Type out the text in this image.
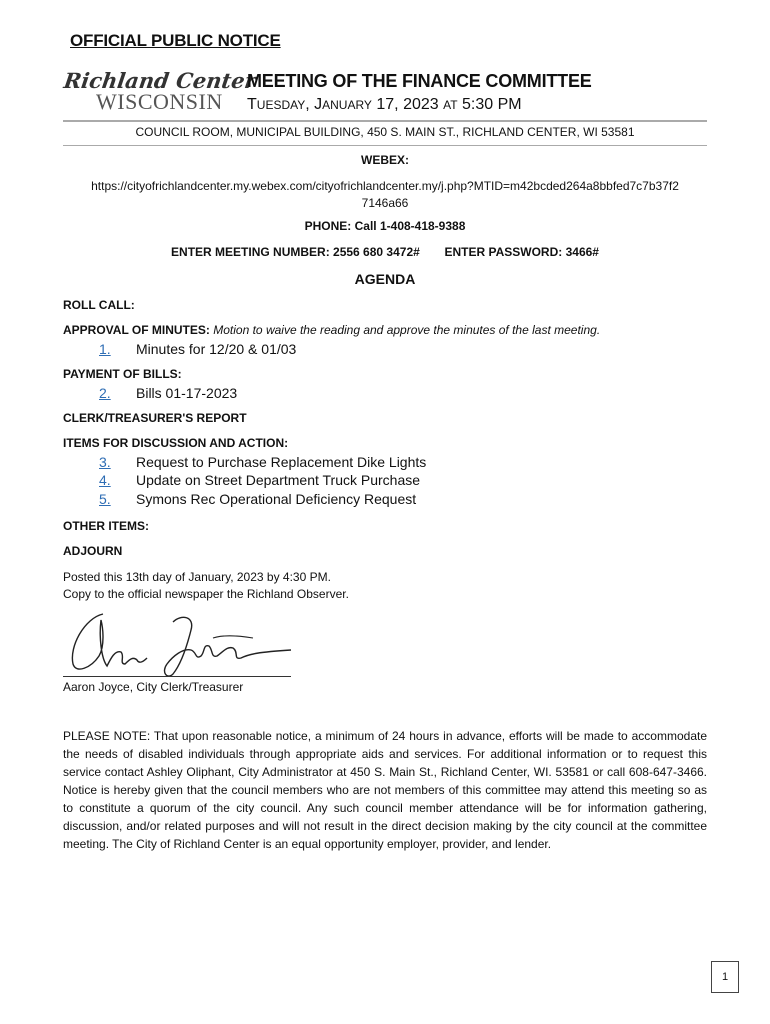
OFFICIAL PUBLIC NOTICE
Richland Center
WISCONSIN
MEETING OF THE FINANCE COMMITTEE
TUESDAY, JANUARY 17, 2023 AT 5:30 PM
COUNCIL ROOM, MUNICIPAL BUILDING, 450 S. MAIN ST., RICHLAND CENTER, WI 53581
WEBEX:
https://cityofrichlandcenter.my.webex.com/cityofrichlandcenter.my/j.php?MTID=m42bcded264a8bbfed7c7b37f2
7146a66
PHONE: Call 1-408-418-9388
ENTER MEETING NUMBER: 2556 680 3472# ENTER PASSWORD: 3466#
AGENDA
ROLL CALL:
APPROVAL OF MINUTES: Motion to waive the reading and approve the minutes of the last meeting.
1. Minutes for 12/20 & 01/03
PAYMENT OF BILLS:
2. Bills 01-17-2023
CLERK/TREASURER'S REPORT
ITEMS FOR DISCUSSION AND ACTION:
3. Request to Purchase Replacement Dike Lights
4. Update on Street Department Truck Purchase
5. Symons Rec Operational Deficiency Request
OTHER ITEMS:
ADJOURN
Posted this 13th day of January, 2023 by 4:30 PM.
Copy to the official newspaper the Richland Observer.
Aaron Joyce, City Clerk/Treasurer
PLEASE NOTE: That upon reasonable notice, a minimum of 24 hours in advance, efforts will be made to accommodate the needs of disabled individuals through appropriate aids and services. For additional information or to request this service contact Ashley Oliphant, City Administrator at 450 S. Main St., Richland Center, WI. 53581 or call 608-647-3466. Notice is hereby given that the council members who are not members of this committee may attend this meeting so as to constitute a quorum of the city council. Any such council member attendance will be for information gathering, discussion, and/or related purposes and will not result in the direct decision making by the city council at the committee meeting. The City of Richland Center is an equal opportunity employer, provider, and lender.
1
